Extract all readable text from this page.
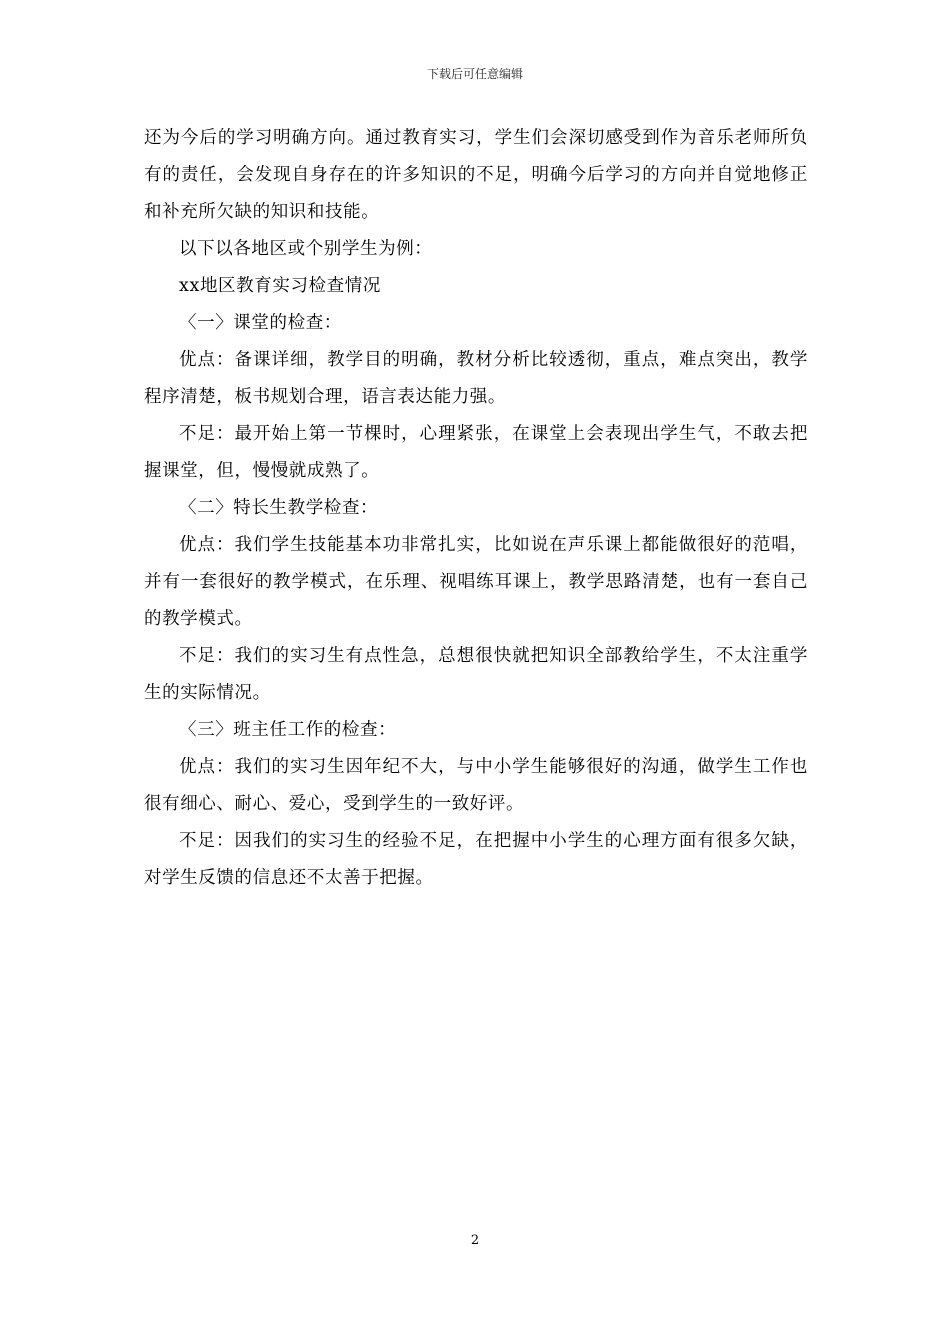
下载后可任意编辑

还为今后的学习明确方向。通过教育实习，学生们会深切感受到作为音乐老师所负有的责任，会发现自身存在的许多知识的不足，明确今后学习的方向并自觉地修正和补充所欠缺的知识和技能。

以下以各地区或个别学生为例：

xx地区教育实习检查情况

〈一〉课堂的检查：

优点：备课详细，教学目的明确，教材分析比较透彻，重点，难点突出，教学程序清楚，板书规划合理，语言表达能力强。

不足：最开始上第一节棵时，心理紧张，在课堂上会表现出学生气，不敢去把握课堂，但，慢慢就成熟了。

〈二〉特长生教学检查：

优点：我们学生技能基本功非常扎实，比如说在声乐课上都能做很好的范唱，并有一套很好的教学模式，在乐理、视唱练耳课上，教学思路清楚，也有一套自己的教学模式。

不足：我们的实习生有点性急，总想很快就把知识全部教给学生，不太注重学生的实际情况。

〈三〉班主任工作的检查：

优点：我们的实习生因年纪不大，与中小学生能够很好的沟通，做学生工作也很有细心、耐心、爱心，受到学生的一致好评。

不足：因我们的实习生的经验不足，在把握中小学生的心理方面有很多欠缺，对学生反馈的信息还不太善于把握。

2
